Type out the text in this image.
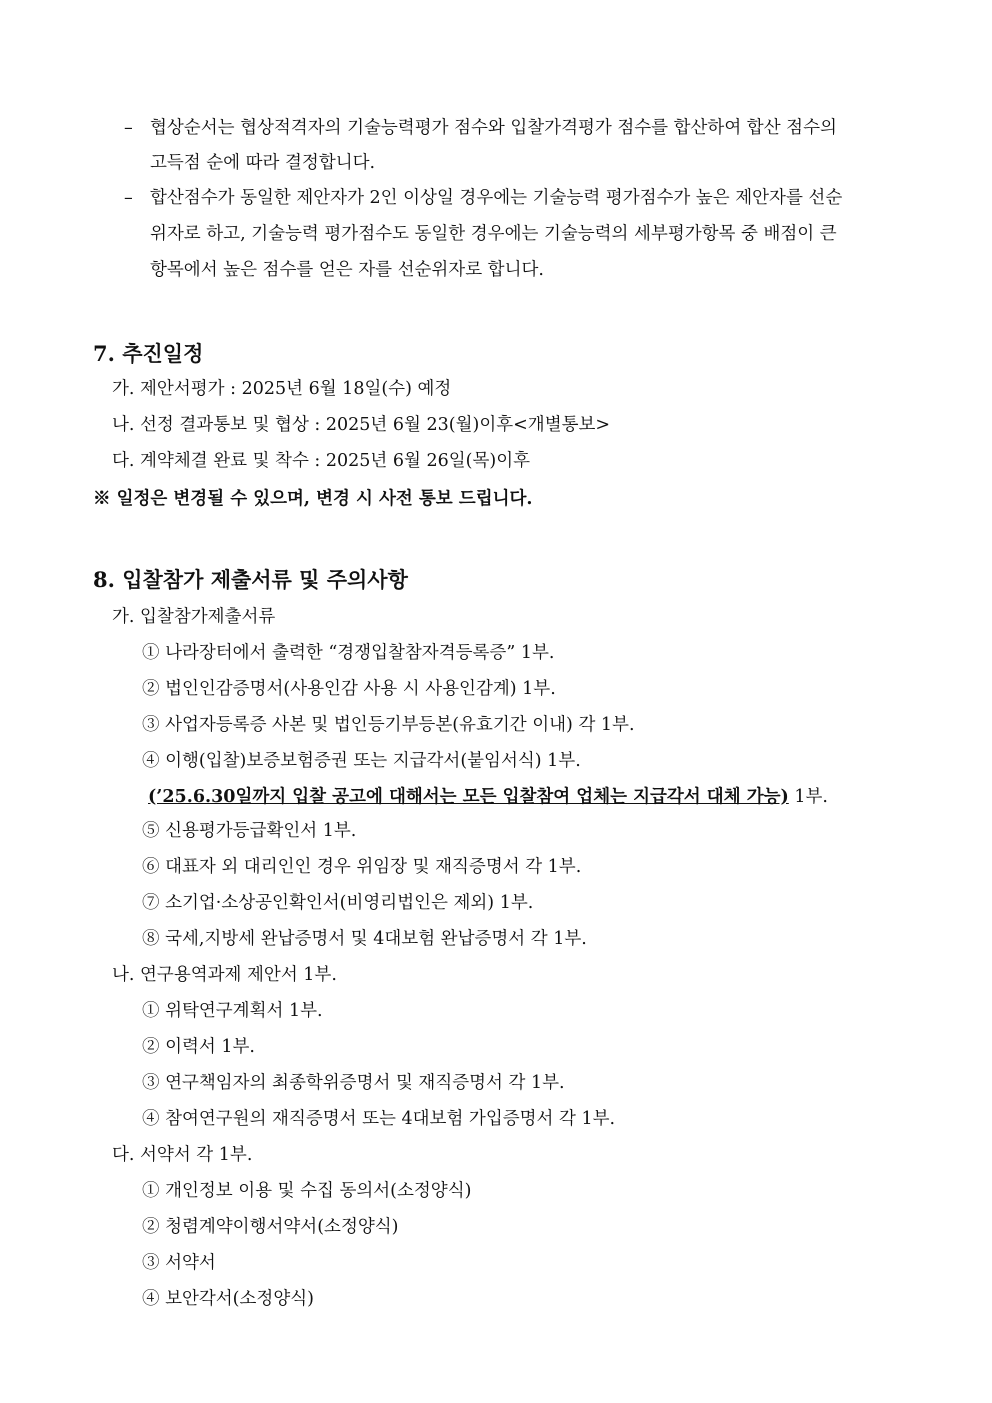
– 협상순서는 협상적격자의 기술능력평가 점수와 입찰가격평가 점수를 합산하여 합산 점수의
고득점 순에 따라 결정합니다.
– 합산점수가 동일한 제안자가 2인 이상일 경우에는 기술능력 평가점수가 높은 제안자를 선순
위자로 하고, 기술능력 평가점수도 동일한 경우에는 기술능력의 세부평가항목 중 배점이 큰
항목에서 높은 점수를 얻은 자를 선순위자로 합니다.
7. 추진일정
가. 제안서평가 : 2025년 6월 18일(수) 예정
나. 선정 결과통보 및 협상 : 2025년 6월 23(월)이후<개별통보>
다. 계약체결 완료 및 착수 : 2025년 6월 26일(목)이후
※ 일정은 변경될 수 있으며, 변경 시 사전 통보 드립니다.
8. 입찰참가 제출서류 및 주의사항
가. 입찰참가제출서류
① 나라장터에서 출력한 “경쟁입찰참자격등록증” 1부.
② 법인인감증명서(사용인감 사용 시 사용인감계) 1부.
③ 사업자등록증 사본 및 법인등기부등본(유효기간 이내) 각 1부.
④ 이행(입찰)보증보험증권 또는 지급각서(붙임서식) 1부.
(’25.6.30일까지 입찰 공고에 대해서는 모든 입찰참여 업체는 지급각서 대체 가능) 1부.
⑤ 신용평가등급확인서 1부.
⑥ 대표자 외 대리인인 경우 위임장 및 재직증명서 각 1부.
⑦ 소기업·소상공인확인서(비영리법인은 제외) 1부.
⑧ 국세,지방세 완납증명서 및 4대보험 완납증명서 각 1부.
나. 연구용역과제 제안서 1부.
① 위탁연구계획서 1부.
② 이력서 1부.
③ 연구책임자의 최종학위증명서 및 재직증명서 각 1부.
④ 참여연구원의 재직증명서 또는 4대보험 가입증명서 각 1부.
다. 서약서 각 1부.
① 개인정보 이용 및 수집 동의서(소정양식)
② 청렴계약이행서약서(소정양식)
③ 서약서
④ 보안각서(소정양식)
